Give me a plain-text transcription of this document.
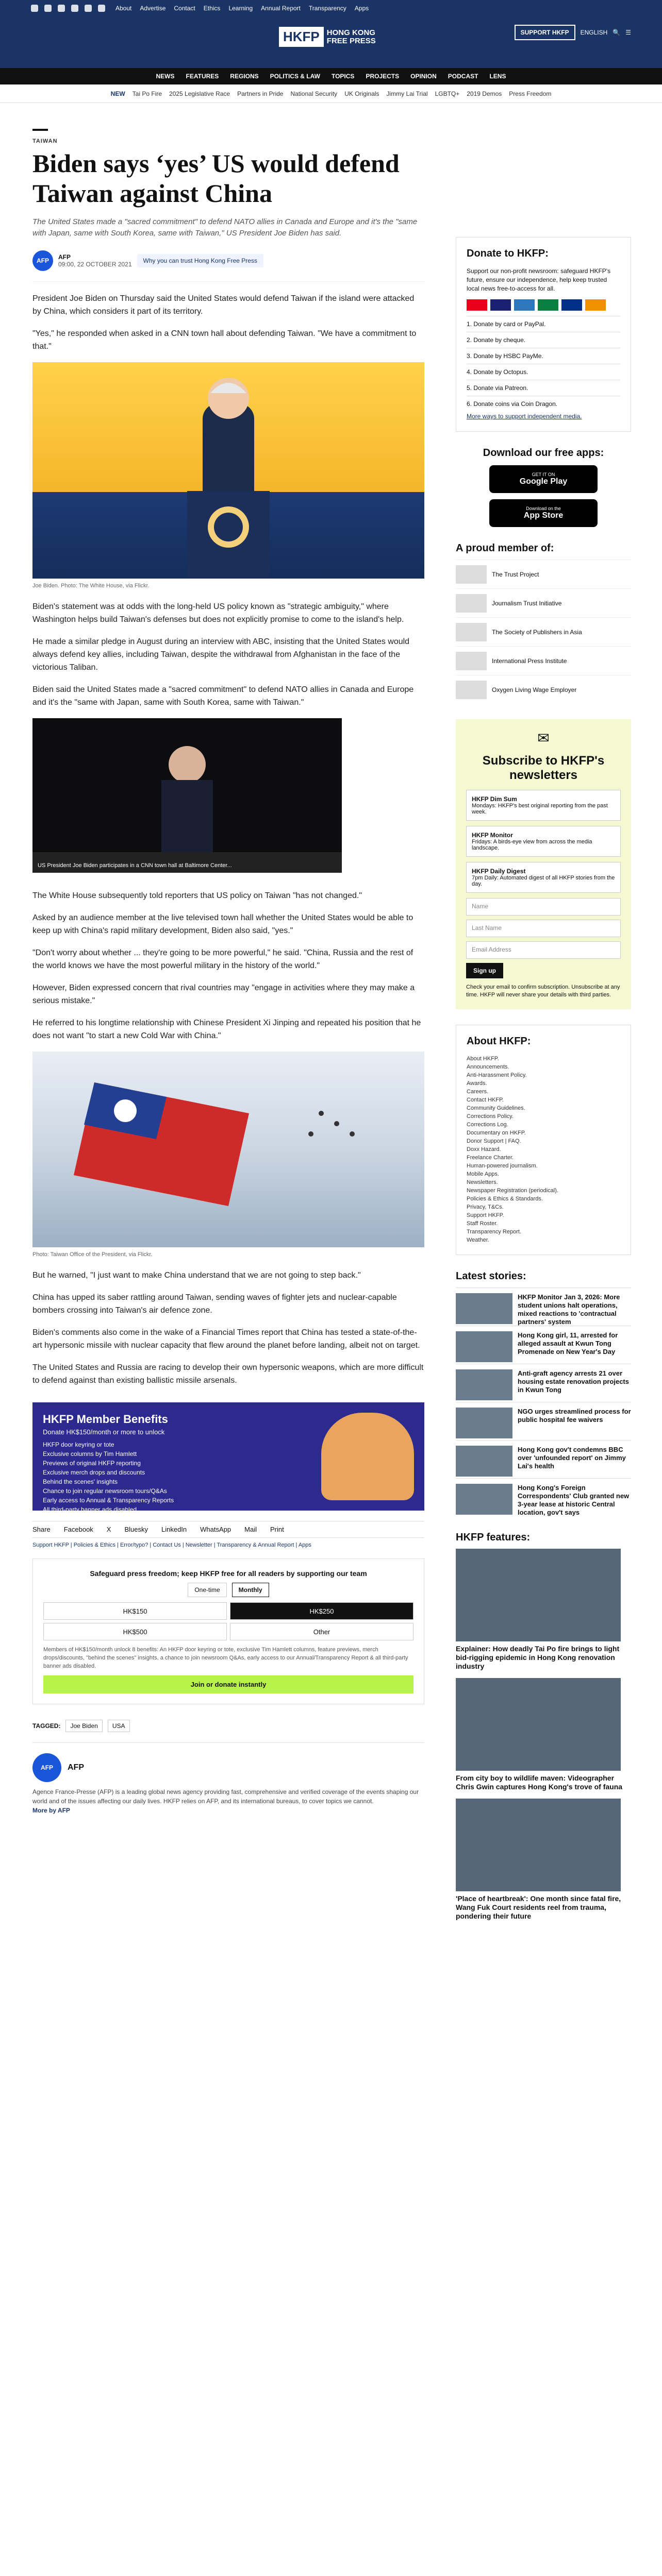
About Advertise Contact Ethics Learning Annual Report Transparency Apps
HKFP HONG KONG
FREE PRESS
SUPPORT HKFP	ENGLISH 🔍 ☰
NEWS FEATURES REGIONS POLITICS & LAW TOPICS PROJECTS OPINION PODCAST LENS
NEW Tai Po Fire 2025 Legislative Race Partners in Pride National Security UK Originals Jimmy Lai Trial LGBTQ+ 2019 Demos Press Freedom
TAIWAN
Biden says ‘yes’ US would defend Taiwan against China

The United States made a "sacred commitment" to defend NATO allies in Canada and Europe and it's the "same with Japan, same with South Korea, same with Taiwan," US President Joe Biden has said.

AFP	AFP
09:00, 22 OCTOBER 2021	Why you can trust Hong Kong Free Press

President Joe Biden on Thursday said the United States would defend Taiwan if the island were attacked by China, which considers it part of its territory.

"Yes," he responded when asked in a CNN town hall about defending Taiwan. "We have a commitment to that."

Joe Biden. Photo: The White House, via Flickr.

Biden's statement was at odds with the long-held US policy known as "strategic ambiguity," where Washington helps build Taiwan's defenses but does not explicitly promise to come to the island's help.

He made a similar pledge in August during an interview with ABC, insisting that the United States would always defend key allies, including Taiwan, despite the withdrawal from Afghanistan in the face of the victorious Taliban.

Biden said the United States made a "sacred commitment" to defend NATO allies in Canada and Europe and it's the "same with Japan, same with South Korea, same with Taiwan."

US President Joe Biden participates in a CNN town hall at Baltimore Center...

The White House subsequently told reporters that US policy on Taiwan "has not changed."

Asked by an audience member at the live televised town hall whether the United States would be able to keep up with China's rapid military development, Biden also said, "yes."

"Don't worry about whether ... they're going to be more powerful," he said. "China, Russia and the rest of the world knows we have the most powerful military in the history of the world."

However, Biden expressed concern that rival countries may "engage in activities where they may make a serious mistake."

He referred to his longtime relationship with Chinese President Xi Jinping and repeated his position that he does not want "to start a new Cold War with China."

Photo: Taiwan Office of the President, via Flickr.

But he warned, "I just want to make China understand that we are not going to step back."

China has upped its saber rattling around Taiwan, sending waves of fighter jets and nuclear-capable bombers crossing into Taiwan's air defence zone.

Biden's comments also come in the wake of a Financial Times report that China has tested a state-of-the-art hypersonic missile with nuclear capacity that flew around the planet before landing, albeit not on target.

The United States and Russia are racing to develop their own hypersonic weapons, which are more difficult to defend against than existing ballistic missile arsenals.

HKFP Member Benefits
Donate HK$150/month or more to unlock
HKFP door keyring or tote
Exclusive columns by Tim Hamlett
Previews of original HKFP reporting
Exclusive merch drops and discounts
Behind the scenes' insights
Chance to join regular newsroom tours/Q&As
Early access to Annual & Transparency Reports
All third-party banner ads disabled
Share Facebook X Bluesky LinkedIn WhatsApp Mail Print
Support HKFP | Policies & Ethics | Error/typo? | Contact Us | Newsletter | Transparency & Annual Report | Apps
Safeguard press freedom; keep HKFP free for all readers by supporting our team
One-time	Monthly
HK$150	HK$250
HK$500	Other

Members of HK$150/month unlock 8 benefits: An HKFP door keyring or tote, exclusive Tim Hamlett columns, feature previews, merch drops/discounts, "behind the scenes" insights, a chance to join newsroom Q&As, early access to our Annual/Transparency Report & all third-party banner ads disabled.

Join or donate instantly
TAGGED:	Joe Biden	USA
AFP	AFP

Agence France-Presse (AFP) is a leading global news agency providing fast, comprehensive and verified coverage of the events shaping our world and of the issues affecting our daily lives. HKFP relies on AFP, and its international bureaus, to cover topics we cannot.

More by AFP
Donate to HKFP:

Support our non-profit newsroom: safeguard HKFP's future, ensure our independence, help keep trusted local news free-to-access for all.

1. Donate by card or PayPal.
2. Donate by cheque.
3. Donate by HSBC PayMe.
4. Donate by Octopus.
5. Donate via Patreon.
6. Donate coins via Coin Dragon.
More ways to support independent media.
Download our free apps:
GET IT ON
Google Play
Download on the
App Store
A proud member of:
The Trust Project
Journalism Trust Initiative
The Society of Publishers in Asia
International Press Institute
Oxygen Living Wage Employer
✉
Subscribe to HKFP's newsletters
HKFP Dim Sum
Mondays: HKFP's best original reporting from the past week.
HKFP Monitor
Fridays: A birds-eye view from across the media landscape.
HKFP Daily Digest
7pm Daily: Automated digest of all HKFP stories from the day.
Name
Last Name
Email Address
Sign up

Check your email to confirm subscription. Unsubscribe at any time. HKFP will never share your details with third parties.

About HKFP:
About HKFP.
Announcements.
Anti-Harassment Policy.
Awards.
Careers.
Contact HKFP.
Community Guidelines.
Corrections Policy.
Corrections Log.
Documentary on HKFP.
Donor Support | FAQ.
Doxx Hazard.
Freelance Charter.
Human-powered journalism.
Mobile Apps.
Newsletters.
Newspaper Registration (periodical).
Policies & Ethics & Standards.
Privacy, T&Cs.
Support HKFP.
Staff Roster.
Transparency Report.
Weather.
Latest stories:
HKFP Monitor Jan 3, 2026: More student unions halt operations, mixed reactions to 'contractual partners' system
Hong Kong girl, 11, arrested for alleged assault at Kwun Tong Promenade on New Year's Day
Anti-graft agency arrests 21 over housing estate renovation projects in Kwun Tong
NGO urges streamlined process for public hospital fee waivers
Hong Kong gov't condemns BBC over 'unfounded report' on Jimmy Lai's health
Hong Kong's Foreign Correspondents' Club granted new 3-year lease at historic Central location, gov't says
HKFP features:
Explainer: How deadly Tai Po fire brings to light bid-rigging epidemic in Hong Kong renovation industry
From city boy to wildlife maven: Videographer Chris Gwin captures Hong Kong's trove of fauna
'Place of heartbreak': One month since fatal fire, Wang Fuk Court residents reel from trauma, pondering their future
